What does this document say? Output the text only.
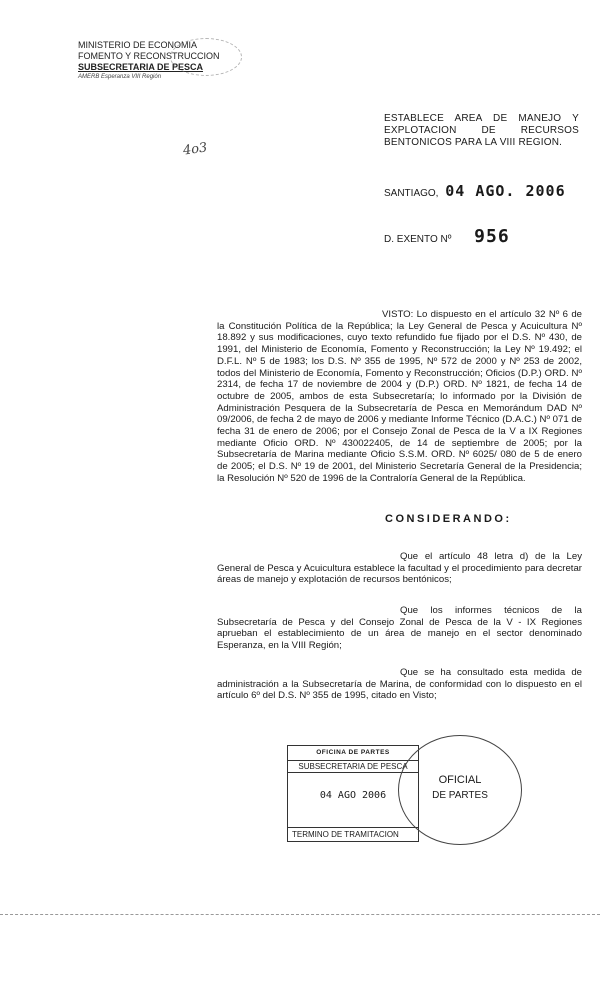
MINISTERIO DE ECONOMIA
FOMENTO Y RECONSTRUCCION
SUBSECRETARIA DE PESCA
AMERB Esperanza VIII Región
4o3
ESTABLECE AREA DE MANEJO Y EXPLOTACION DE RECURSOS BENTONICOS PARA LA VIII REGION.
SANTIAGO, 04 AGO. 2006
D. EXENTO Nº 956
VISTO: Lo dispuesto en el artículo 32 Nº 6 de la Constitución Política de la República; la Ley General de Pesca y Acuicultura Nº 18.892 y sus modificaciones, cuyo texto refundido fue fijado por el D.S. Nº 430, de 1991, del Ministerio de Economía, Fomento y Reconstrucción; la Ley Nº 19.492; el D.F.L. Nº 5 de 1983; los D.S. Nº 355 de 1995, Nº 572 de 2000 y Nº 253 de 2002, todos del Ministerio de Economía, Fomento y Reconstrucción; Oficios (D.P.) ORD. Nº 2314, de fecha 17 de noviembre de 2004 y (D.P.) ORD. Nº 1821, de fecha 14 de octubre de 2005, ambos de esta Subsecretaría; lo informado por la División de Administración Pesquera de la Subsecretaría de Pesca en Memorándum DAD Nº 09/2006, de fecha 2 de mayo de 2006 y mediante Informe Técnico (D.A.C.) Nº 071 de fecha 31 de enero de 2006; por el Consejo Zonal de Pesca de la V a IX Regiones mediante Oficio ORD. Nº 430022405, de 14 de septiembre de 2005; por la Subsecretaría de Marina mediante Oficio S.S.M. ORD. Nº 6025/ 080 de 5 de enero de 2005; el D.S. Nº 19 de 2001, del Ministerio Secretaría General de la Presidencia; la Resolución Nº 520 de 1996 de la Contraloría General de la República.
CONSIDERANDO:
Que el artículo 48 letra d) de la Ley General de Pesca y Acuicultura establece la facultad y el procedimiento para decretar áreas de manejo y explotación de recursos bentónicos;
Que los informes técnicos de la Subsecretaría de Pesca y del Consejo Zonal de Pesca de la V - IX Regiones aprueban el establecimiento de un área de manejo en el sector denominado Esperanza, en la VIII Región;
Que se ha consultado esta medida de administración a la Subsecretaría de Marina, de conformidad con lo dispuesto en el artículo 6º del D.S. Nº 355 de 1995, citado en Visto;
OFICINA DE PARTES
SUBSECRETARIA DE PESCA
04 AGO 2006
TERMINO DE TRAMITACION
OFICIAL
DE PARTES
